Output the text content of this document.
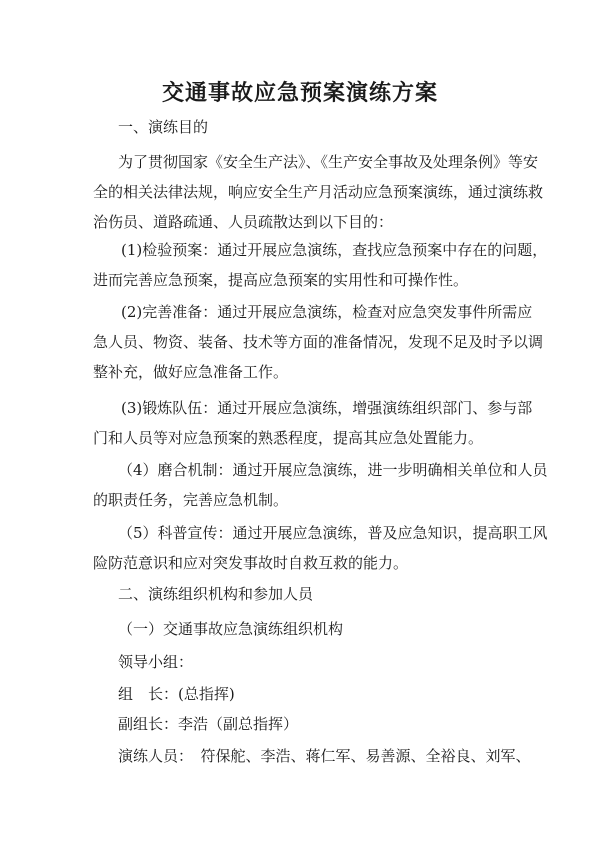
交通事故应急预案演练方案
一、演练目的
为了贯彻国家《安全生产法》、《生产安全事故及处理条例》等安
全的相关法律法规，响应安全生产月活动应急预案演练，通过演练救
治伤员、道路疏通、人员疏散达到以下目的：
(1)检验预案：通过开展应急演练，查找应急预案中存在的问题，
进而完善应急预案，提高应急预案的实用性和可操作性。
(2)完善准备：通过开展应急演练，检查对应急突发事件所需应
急人员、物资、装备、技术等方面的准备情况，发现不足及时予以调
整补充，做好应急准备工作。
(3)锻炼队伍：通过开展应急演练，增强演练组织部门、参与部
门和人员等对应急预案的熟悉程度，提高其应急处置能力。
（4）磨合机制：通过开展应急演练，进一步明确相关单位和人员
的职责任务，完善应急机制。
（5）科普宣传：通过开展应急演练，普及应急知识，提高职工风
险防范意识和应对突发事故时自救互救的能力。
二、演练组织机构和参加人员
（一）交通事故应急演练组织机构
领导小组：
组　长：(总指挥)
副组长：李浩（副总指挥）
演练人员：　符保舵、李浩、蒋仁军、易善源、全裕良、刘军、
